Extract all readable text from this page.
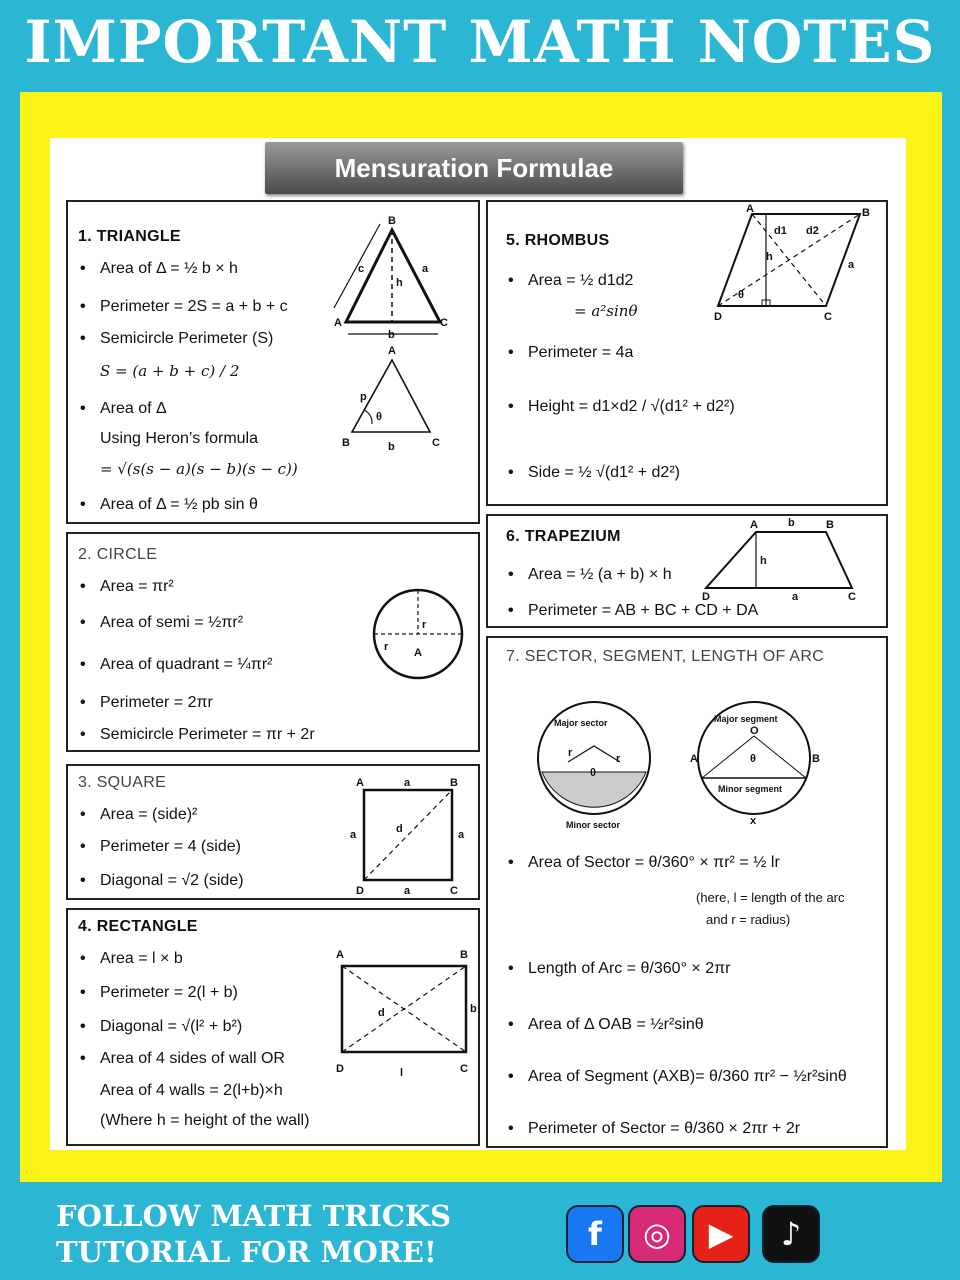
IMPORTANT MATH NOTES
Mensuration Formulae
1. TRIANGLE
• Area of Δ = ½ b × h
• Perimeter = 2S = a + b + c
• Semicircle Perimeter (S)
S = (a + b + c) / 2
• Area of Δ
Using Heron’s formula
= √(s(s − a)(s − b)(s − c))
• Area of Δ = ½ pb sin θ
B
A	C
h
c	a
b
A
B	C
p
θ
b
2. CIRCLE
• Area = πr²
• Area of semi = ½πr²
• Area of quadrant = ¼πr²
• Perimeter = 2πr
• Semicircle Perimeter = πr + 2r
r
r A
3. SQUARE
• Area = (side)²
• Perimeter = 4 (side)
• Diagonal = √2 (side)
A	B
D	C
a
a	a
a
d
4. RECTANGLE
• Area = l × b
• Perimeter = 2(l + b)
• Diagonal = √(l² + b²)
• Area of 4 sides of wall OR
Area of 4 walls = 2(l+b)×h
(Where h = height of the wall)
A	B
D	C
b
l
d
5. RHOMBUS
• Area = ½ d1d2
= a²sinθ
• Perimeter = 4a
• Height = d1×d2 / √(d1² + d2²)
• Side = ½ √(d1² + d2²)
A	B
D	C
d1 d2
h
a
θ
6. TRAPEZIUM
• Area = ½ (a + b) × h
• Perimeter = AB + BC + CD + DA
A	b	B
h
D	a	C
7. SECTOR, SEGMENT, LENGTH OF ARC
Major sector
Minor sector
r	r
θ
Major segment
Minor segment
O
θ
A	B
x
• Area of Sector = θ/360° × πr² = ½ lr
(here, l = length of the arc
and r = radius)
• Length of Arc = θ/360° × 2πr
• Area of Δ OAB = ½r²sinθ
• Area of Segment (AXB)= θ/360 πr² − ½r²sinθ
• Perimeter of Sector = θ/360 × 2πr + 2r
FOLLOW MATH TRICKS
TUTORIAL FOR MORE!	f	◎	▶	♪
